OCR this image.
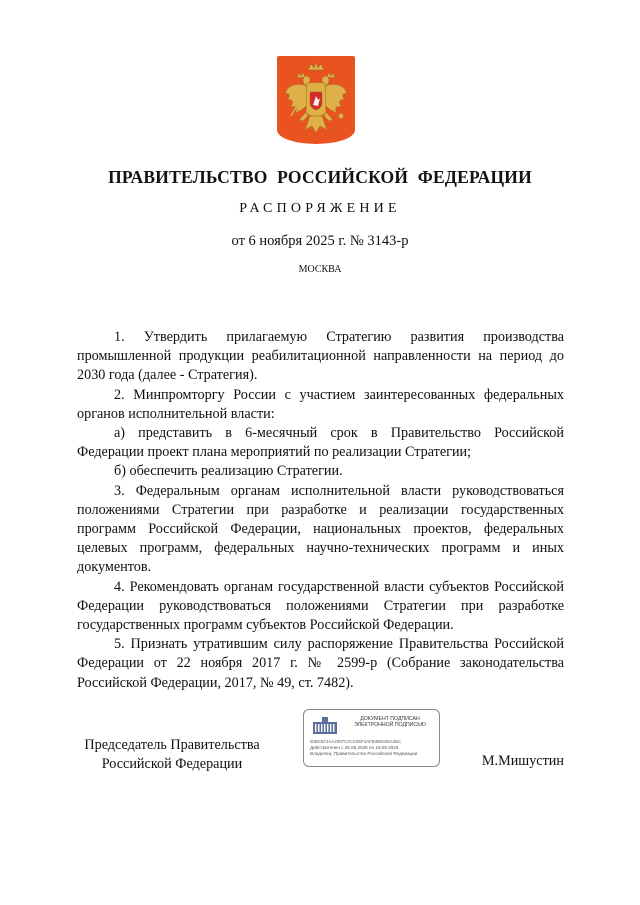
ПРАВИТЕЛЬСТВО РОССИЙСКОЙ ФЕДЕРАЦИИ
РАСПОРЯЖЕНИЕ
от 6 ноября 2025 г. № 3143-р
МОСКВА

1. Утвердить прилагаемую Стратегию развития производства промышленной продукции реабилитационной направленности на период до 2030 года (далее - Стратегия).

2. Минпромторгу России с участием заинтересованных федеральных органов исполнительной власти:

а) представить в 6-месячный срок в Правительство Российской Федерации проект плана мероприятий по реализации Стратегии;

б) обеспечить реализацию Стратегии.

3. Федеральным органам исполнительной власти руководствоваться положениями Стратегии при разработке и реализации государственных программ Российской Федерации, национальных проектов, федеральных целевых программ, федеральных научно-технических программ и иных документов.

4. Рекомендовать органам государственной власти субъектов Российской Федерации руководствоваться положениями Стратегии при разработке государственных программ субъектов Российской Федерации.

5. Признать утратившим силу распоряжение Правительства Российской Федерации от 22 ноября 2017 г. № 2599-р (Собрание законодательства Российской Федерации, 2017, № 49, ст. 7482).

Председатель Правительства Российской Федерации
ДОКУМЕНТ ПОДПИСАН ЭЛЕКТРОННОЙ ПОДПИСЬЮ
00BCB74AA2097C2CC0EF4AFB4B9435A2BC
Действителен с 26.06.2025 по 19.09.2026
Владелец: Правительство Российской Федерации	М.Мишустин
